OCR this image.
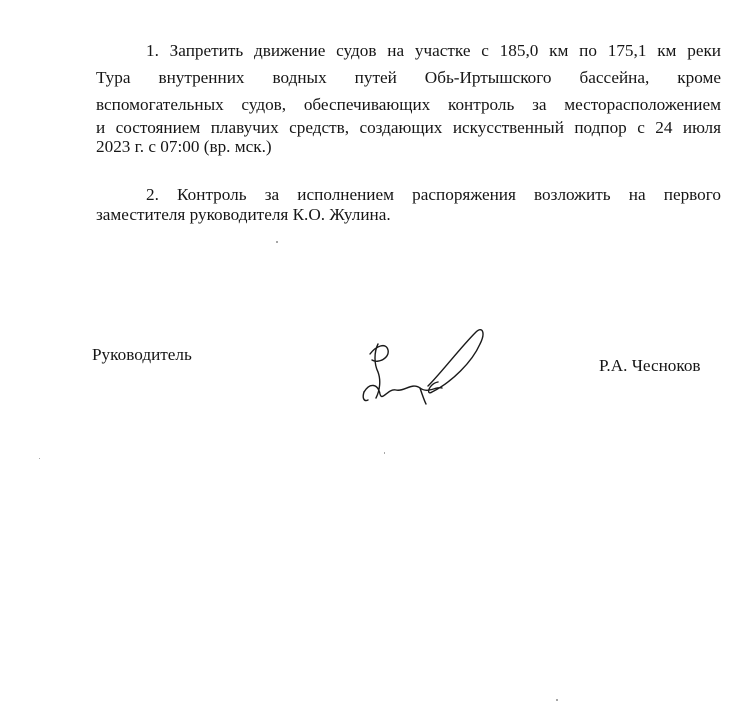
1. Запретить движение судов на участке с 185,0 км по 175,1 км реки
Тура внутренних водных путей Обь-Иртышского бассейна, кроме
вспомогательных судов, обеспечивающих контроль за месторасположением
и состоянием плавучих средств, создающих искусственный подпор с 24 июля
2023 г. с 07:00 (вр. мск.)
2. Контроль за исполнением распоряжения возложить на первого
заместителя руководителя К.О. Жулина.
Руководитель
Р.А. Чесноков
